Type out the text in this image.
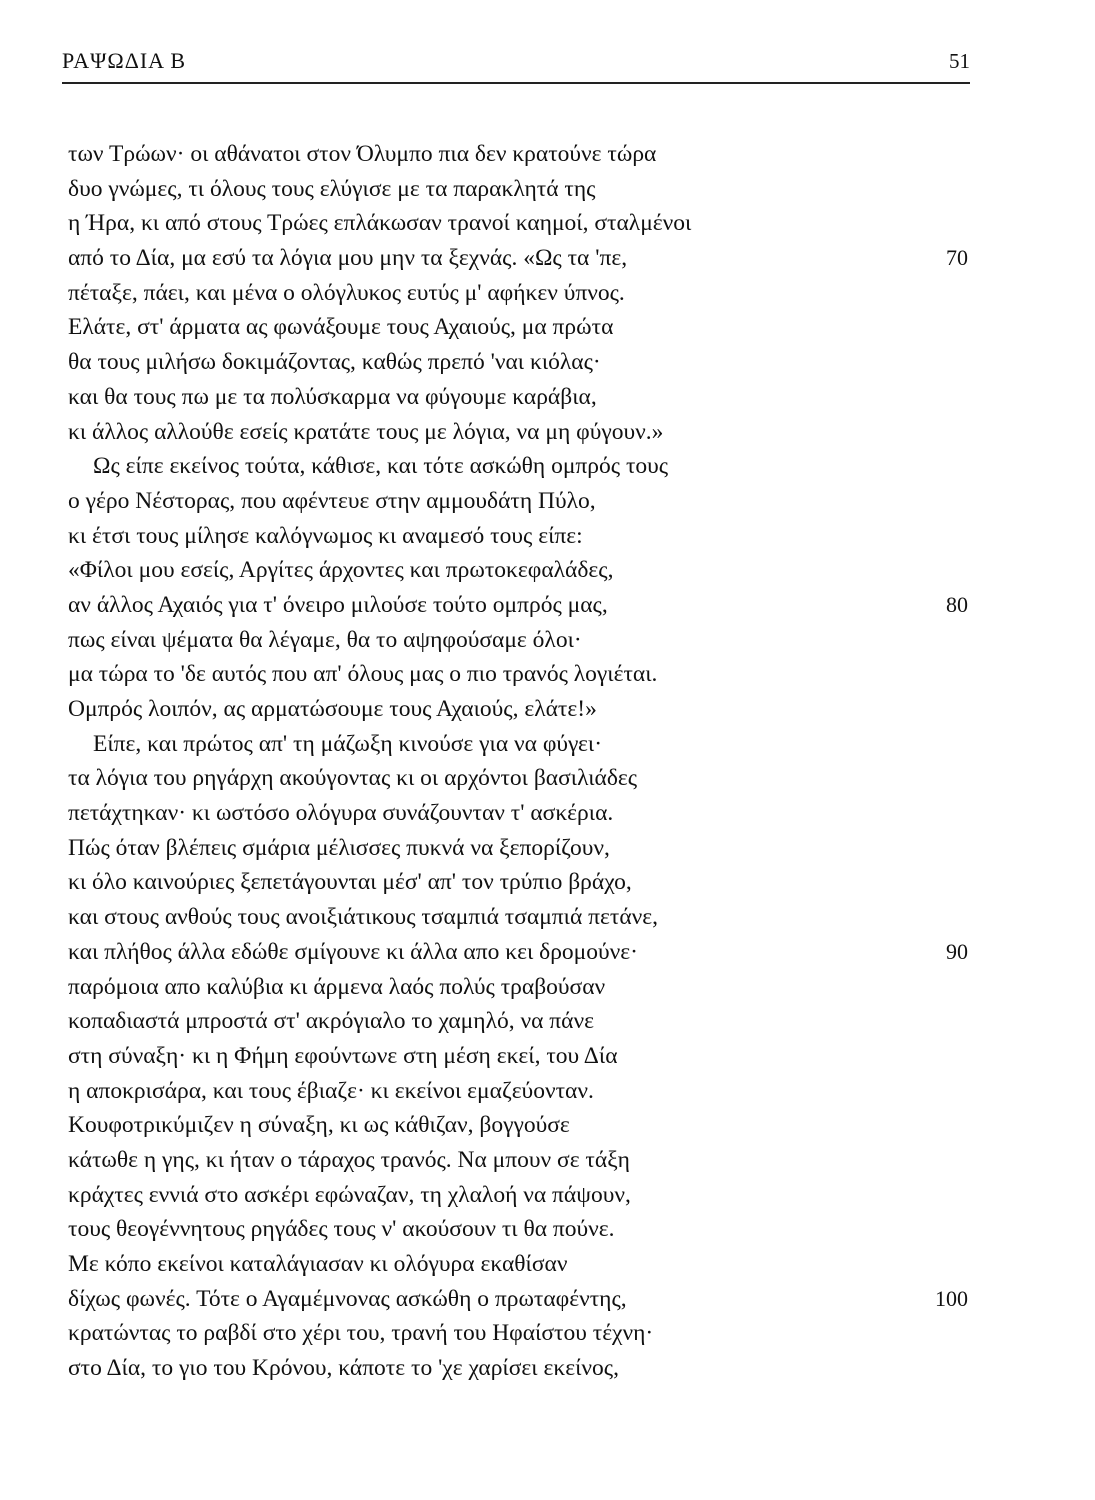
ΡΑΨΩΔΙΑ Β	51
των Τρώων· οι αθάνατοι στον Όλυμπο πια δεν κρατούνε τώρα
δυο γνώμες, τι όλους τους ελύγισε με τα παρακλητά της
η Ήρα, κι από στους Τρώες επλάκωσαν τρανοί καημοί, σταλμένοι
από το Δία, μα εσύ τα λόγια μου μην τα ξεχνάς. «Ως τα 'πε,	70
πέταξε, πάει, και μένα ο ολόγλυκος ευτύς μ' αφήκεν ύπνος.
Ελάτε, στ' άρματα ας φωνάξουμε τους Αχαιούς, μα πρώτα
θα τους μιλήσω δοκιμάζοντας, καθώς πρεπό 'ναι κιόλας·
και θα τους πω με τα πολύσκαρμα να φύγουμε καράβια,
κι άλλος αλλούθε εσείς κρατάτε τους με λόγια, να μη φύγουν.»
Ως είπε εκείνος τούτα, κάθισε, και τότε ασκώθη ομπρός τους
ο γέρο Νέστορας, που αφέντευε στην αμμουδάτη Πύλο,
κι έτσι τους μίλησε καλόγνωμος κι αναμεσό τους είπε:
«Φίλοι μου εσείς, Αργίτες άρχοντες και πρωτοκεφαλάδες,
αν άλλος Αχαιός για τ' όνειρο μιλούσε τούτο ομπρός μας,	80
πως είναι ψέματα θα λέγαμε, θα το αψηφούσαμε όλοι·
μα τώρα το 'δε αυτός που απ' όλους μας ο πιο τρανός λογιέται.
Ομπρός λοιπόν, ας αρματώσουμε τους Αχαιούς, ελάτε!»
Είπε, και πρώτος απ' τη μάζωξη κινούσε για να φύγει·
τα λόγια του ρηγάρχη ακούγοντας κι οι αρχόντοι βασιλιάδες
πετάχτηκαν· κι ωστόσο ολόγυρα συνάζουνταν τ' ασκέρια.
Πώς όταν βλέπεις σμάρια μέλισσες πυκνά να ξεπορίζουν,
κι όλο καινούριες ξεπετάγουνται μέσ' απ' τον τρύπιο βράχο,
και στους ανθούς τους ανοιξιάτικους τσαμπιά τσαμπιά πετάνε,
και πλήθος άλλα εδώθε σμίγουνε κι άλλα απο κει δρομούνε·	90
παρόμοια απο καλύβια κι άρμενα λαός πολύς τραβούσαν
κοπαδιαστά μπροστά στ' ακρόγιαλο το χαμηλό, να πάνε
στη σύναξη· κι η Φήμη εφούντωνε στη μέση εκεί, του Δία
η αποκρισάρα, και τους έβιαζε· κι εκείνοι εμαζεύονταν.
Κουφοτρικύμιζεν η σύναξη, κι ως κάθιζαν, βογγούσε
κάτωθε η γης, κι ήταν ο τάραχος τρανός. Να μπουν σε τάξη
κράχτες εννιά στο ασκέρι εφώναζαν, τη χλαλοή να πάψουν,
τους θεογέννητους ρηγάδες τους ν' ακούσουν τι θα πούνε.
Με κόπο εκείνοι καταλάγιασαν κι ολόγυρα εκαθίσαν
δίχως φωνές. Τότε ο Αγαμέμνονας ασκώθη ο πρωταφέντης,	100
κρατώντας το ραβδί στο χέρι του, τρανή του Ηφαίστου τέχνη·
στο Δία, το γιο του Κρόνου, κάποτε το 'χε χαρίσει εκείνος,
